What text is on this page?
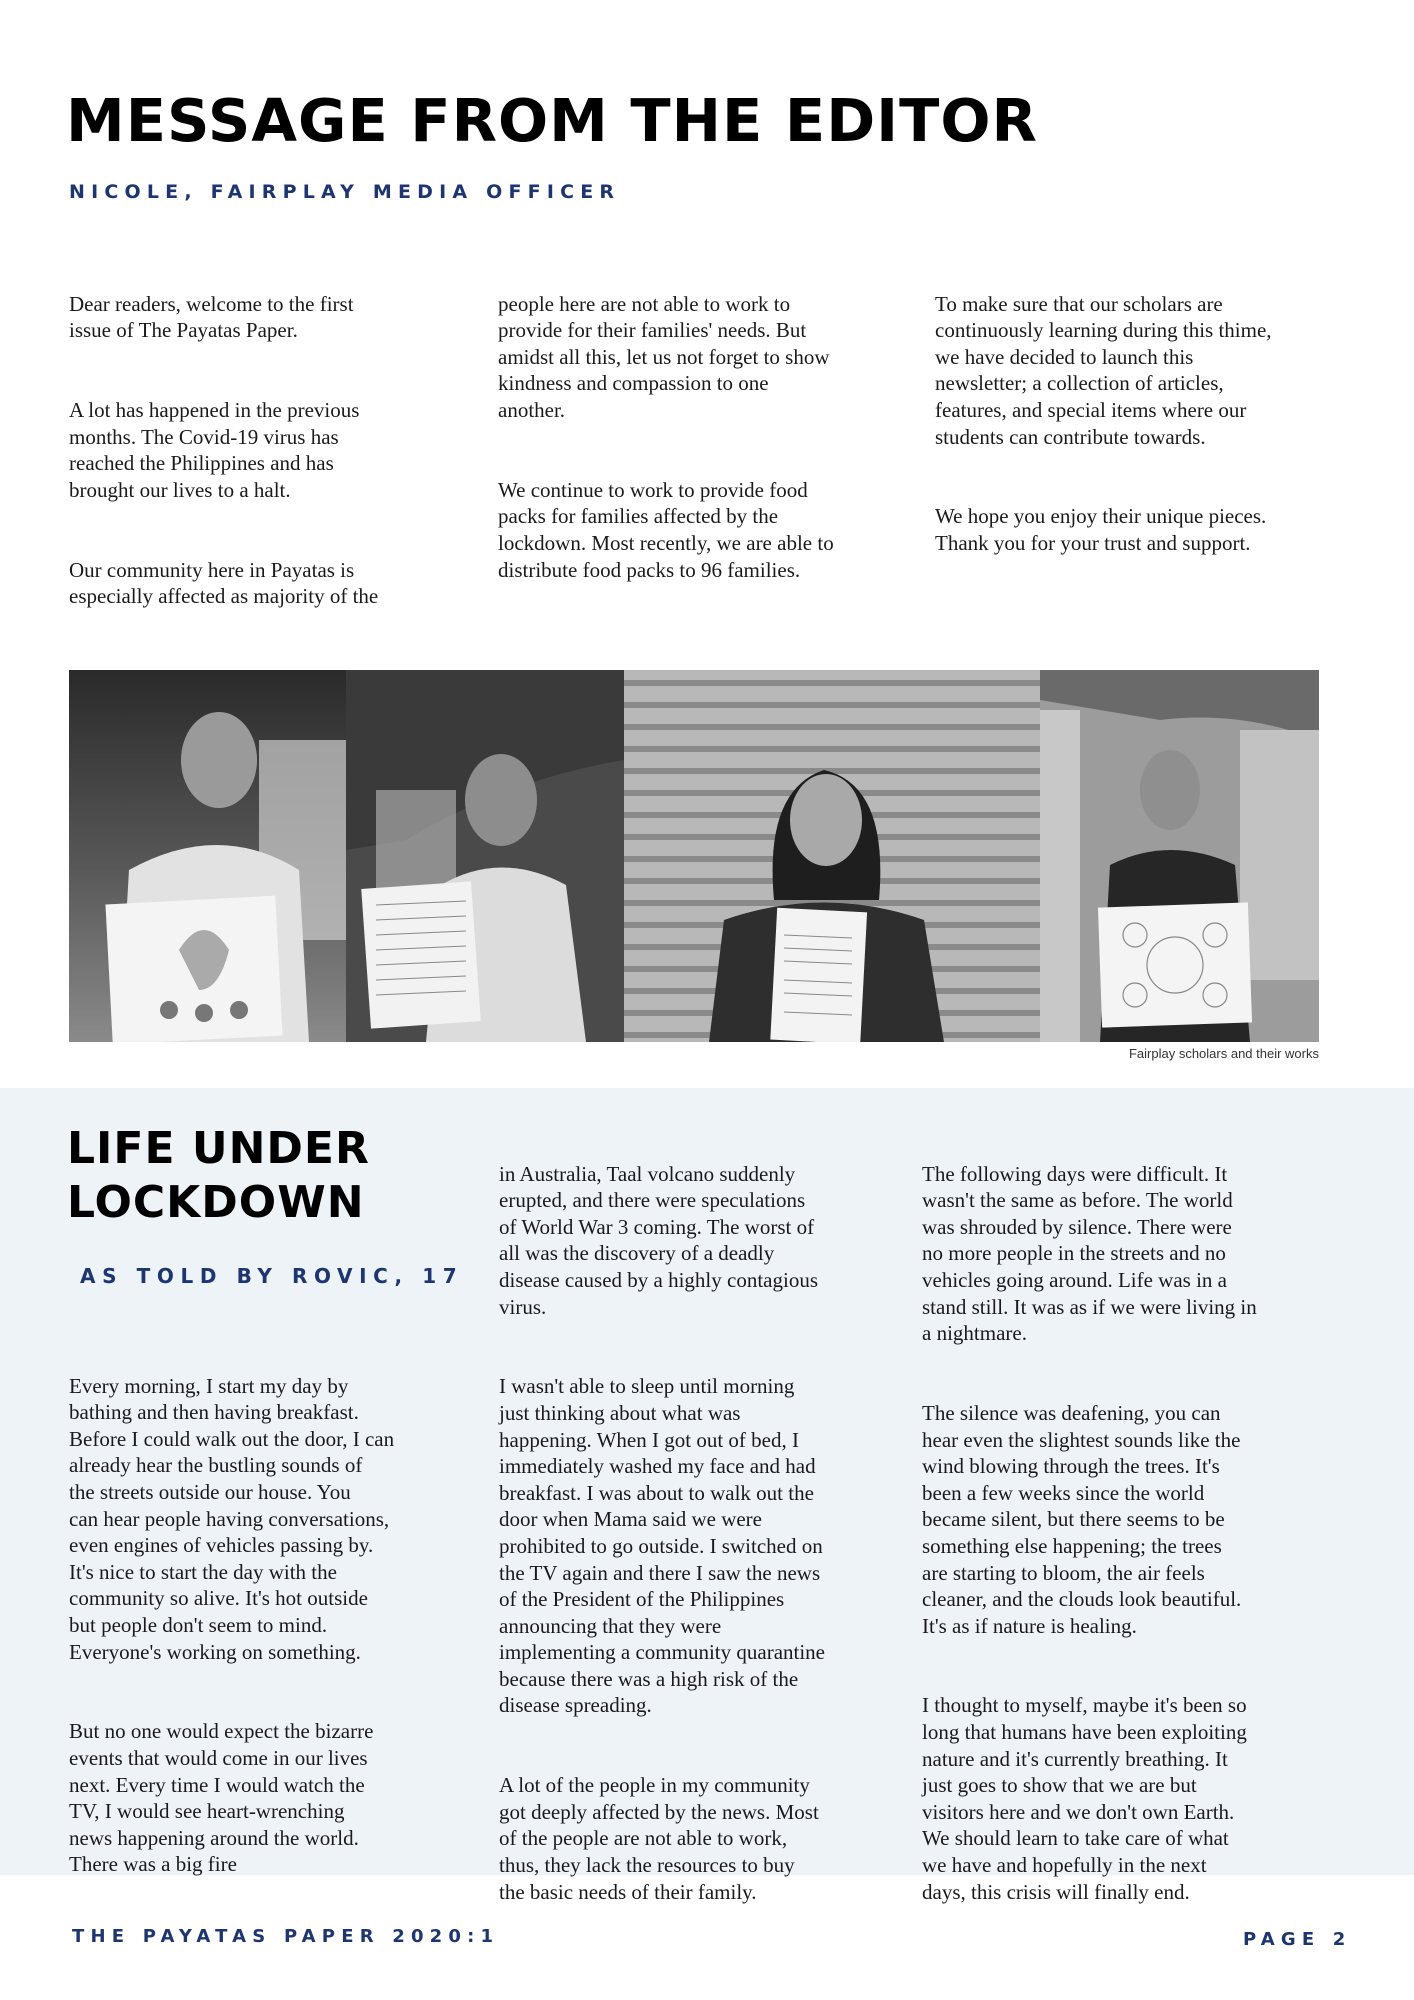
MESSAGE FROM THE EDITOR
NICOLE, FAIRPLAY MEDIA OFFICER

Dear readers, welcome to the first
issue of The Payatas Paper.

A lot has happened in the previous
months. The Covid-19 virus has
reached the Philippines and has
brought our lives to a halt.

Our community here in Payatas is
especially affected as majority of the

people here are not able to work to
provide for their families' needs. But
amidst all this, let us not forget to show
kindness and compassion to one
another.

We continue to work to provide food
packs for families affected by the
lockdown. Most recently, we are able to
distribute food packs to 96 families.

To make sure that our scholars are
continuously learning during this thime,
we have decided to launch this
newsletter; a collection of articles,
features, and special items where our
students can contribute towards.

We hope you enjoy their unique pieces.
Thank you for your trust and support.

Fairplay scholars and their works
LIFE UNDER
LOCKDOWN
AS TOLD BY ROVIC, 17

Every morning, I start my day by
bathing and then having breakfast.
Before I could walk out the door, I can
already hear the bustling sounds of
the streets outside our house. You
can hear people having conversations,
even engines of vehicles passing by.
It's nice to start the day with the
community so alive. It's hot outside
but people don't seem to mind.
Everyone's working on something.

But no one would expect the bizarre
events that would come in our lives
next. Every time I would watch the
TV, I would see heart-wrenching
news happening around the world.
There was a big fire

in Australia, Taal volcano suddenly
erupted, and there were speculations
of World War 3 coming. The worst of
all was the discovery of a deadly
disease caused by a highly contagious
virus.

I wasn't able to sleep until morning
just thinking about what was
happening. When I got out of bed, I
immediately washed my face and had
breakfast. I was about to walk out the
door when Mama said we were
prohibited to go outside. I switched on
the TV again and there I saw the news
of the President of the Philippines
announcing that they were
implementing a community quarantine
because there was a high risk of the
disease spreading.

A lot of the people in my community
got deeply affected by the news. Most
of the people are not able to work,
thus, they lack the resources to buy
the basic needs of their family.

The following days were difficult. It
wasn't the same as before. The world
was shrouded by silence. There were
no more people in the streets and no
vehicles going around. Life was in a
stand still. It was as if we were living in
a nightmare.

The silence was deafening, you can
hear even the slightest sounds like the
wind blowing through the trees. It's
been a few weeks since the world
became silent, but there seems to be
something else happening; the trees
are starting to bloom, the air feels
cleaner, and the clouds look beautiful.
It's as if nature is healing.

I thought to myself, maybe it's been so
long that humans have been exploiting
nature and it's currently breathing. It
just goes to show that we are but
visitors here and we don't own Earth.
We should learn to take care of what
we have and hopefully in the next
days, this crisis will finally end.

THE PAYATAS PAPER 2020:1	PAGE 2
